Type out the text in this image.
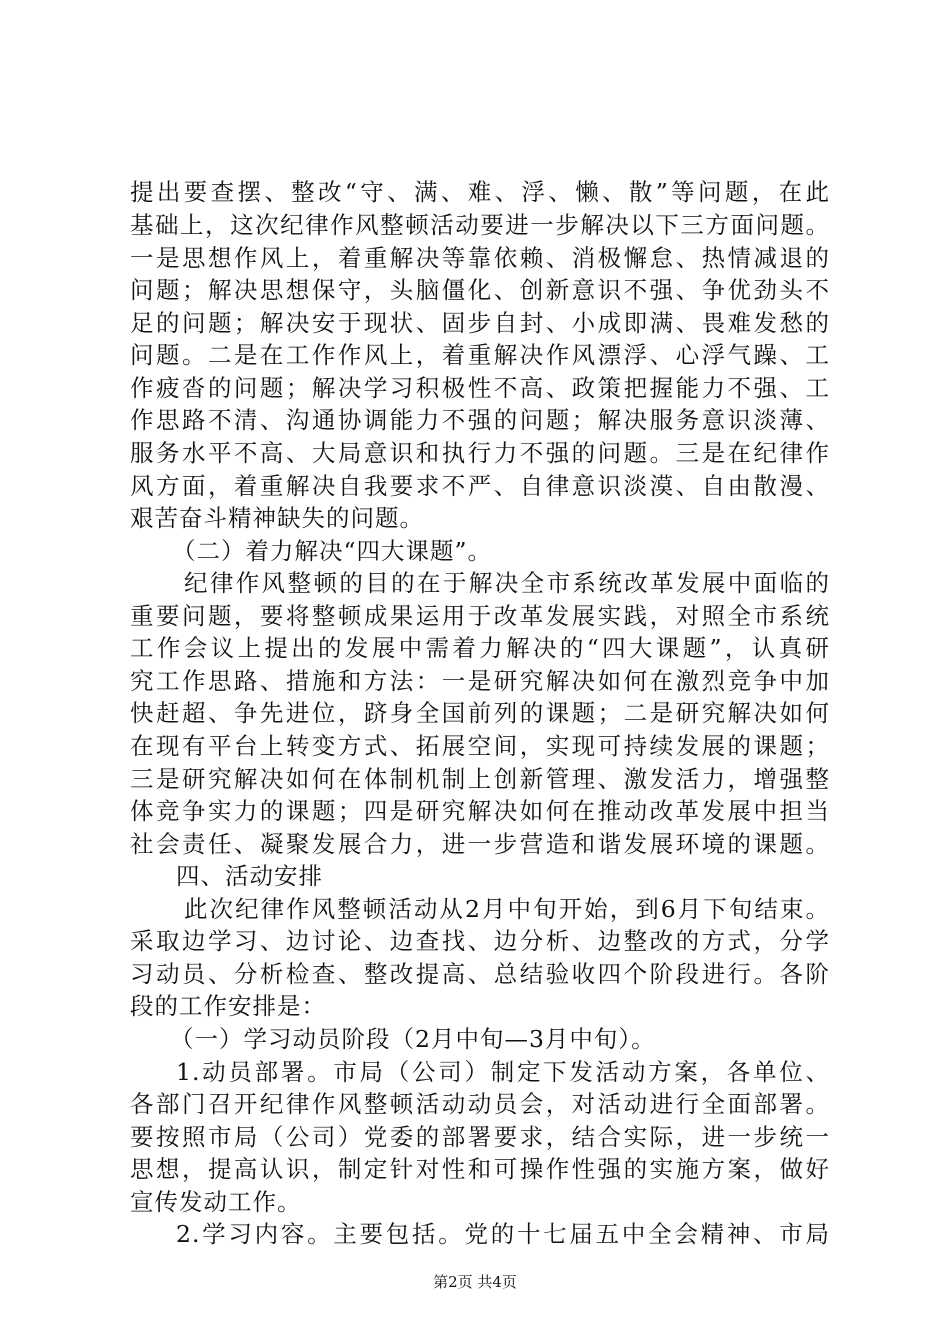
提出要查摆、整改“守、满、难、浮、懒、散”等问题，在此
基础上，这次纪律作风整顿活动要进一步解决以下三方面问题。
一是思想作风上，着重解决等靠依赖、消极懈怠、热情减退的
问题；解决思想保守，头脑僵化、创新意识不强、争优劲头不
足的问题；解决安于现状、固步自封、小成即满、畏难发愁的
问题。二是在工作作风上，着重解决作风漂浮、心浮气躁、工
作疲沓的问题；解决学习积极性不高、政策把握能力不强、工
作思路不清、沟通协调能力不强的问题；解决服务意识淡薄、
服务水平不高、大局意识和执行力不强的问题。三是在纪律作
风方面，着重解决自我要求不严、自律意识淡漠、自由散漫、
艰苦奋斗精神缺失的问题。
（二）着力解决“四大课题”。
纪律作风整顿的目的在于解决全市系统改革发展中面临的
重要问题，要将整顿成果运用于改革发展实践，对照全市系统
工作会议上提出的发展中需着力解决的“四大课题”，认真研
究工作思路、措施和方法：一是研究解决如何在激烈竞争中加
快赶超、争先进位，跻身全国前列的课题；二是研究解决如何
在现有平台上转变方式、拓展空间，实现可持续发展的课题；
三是研究解决如何在体制机制上创新管理、激发活力，增强整
体竞争实力的课题；四是研究解决如何在推动改革发展中担当
社会责任、凝聚发展合力，进一步营造和谐发展环境的课题。
四、活动安排
此次纪律作风整顿活动从2月中旬开始，到6月下旬结束。
采取边学习、边讨论、边查找、边分析、边整改的方式，分学
习动员、分析检查、整改提高、总结验收四个阶段进行。各阶
段的工作安排是：
（一）学习动员阶段（2月中旬—3月中旬）。
1.动员部署。市局（公司）制定下发活动方案，各单位、
各部门召开纪律作风整顿活动动员会，对活动进行全面部署。
要按照市局（公司）党委的部署要求，结合实际，进一步统一
思想，提高认识，制定针对性和可操作性强的实施方案，做好
宣传发动工作。
2.学习内容。主要包括。党的十七届五中全会精神、市局
第2页 共4页
